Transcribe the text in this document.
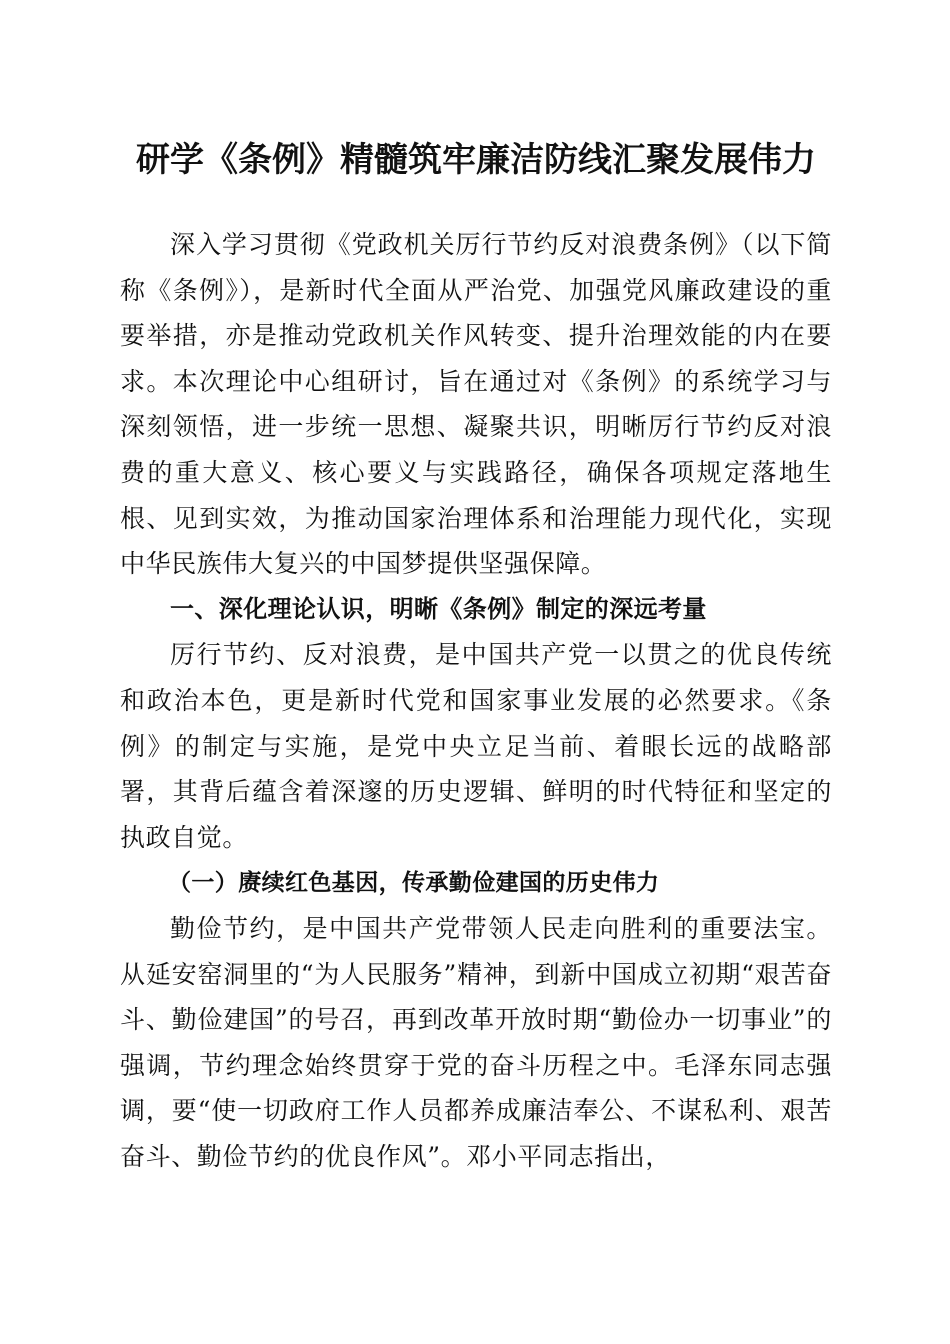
研学《条例》精髓筑牢廉洁防线汇聚发展伟力

深入学习贯彻《党政机关厉行节约反对浪费条例》（以下简称《条例》），是新时代全面从严治党、加强党风廉政建设的重要举措，亦是推动党政机关作风转变、提升治理效能的内在要求。本次理论中心组研讨，旨在通过对《条例》的系统学习与深刻领悟，进一步统一思想、凝聚共识，明晰厉行节约反对浪费的重大意义、核心要义与实践路径，确保各项规定落地生根、见到实效，为推动国家治理体系和治理能力现代化，实现中华民族伟大复兴的中国梦提供坚强保障。

一、深化理论认识，明晰《条例》制定的深远考量

厉行节约、反对浪费，是中国共产党一以贯之的优良传统和政治本色，更是新时代党和国家事业发展的必然要求。《条例》的制定与实施，是党中央立足当前、着眼长远的战略部署，其背后蕴含着深邃的历史逻辑、鲜明的时代特征和坚定的执政自觉。

（一）赓续红色基因，传承勤俭建国的历史伟力

勤俭节约，是中国共产党带领人民走向胜利的重要法宝。从延安窑洞里的“为人民服务”精神，到新中国成立初期“艰苦奋斗、勤俭建国”的号召，再到改革开放时期“勤俭办一切事业”的强调，节约理念始终贯穿于党的奋斗历程之中。毛泽东同志强调，要“使一切政府工作人员都养成廉洁奉公、不谋私利、艰苦奋斗、勤俭节约的优良作风”。邓小平同志指出，
